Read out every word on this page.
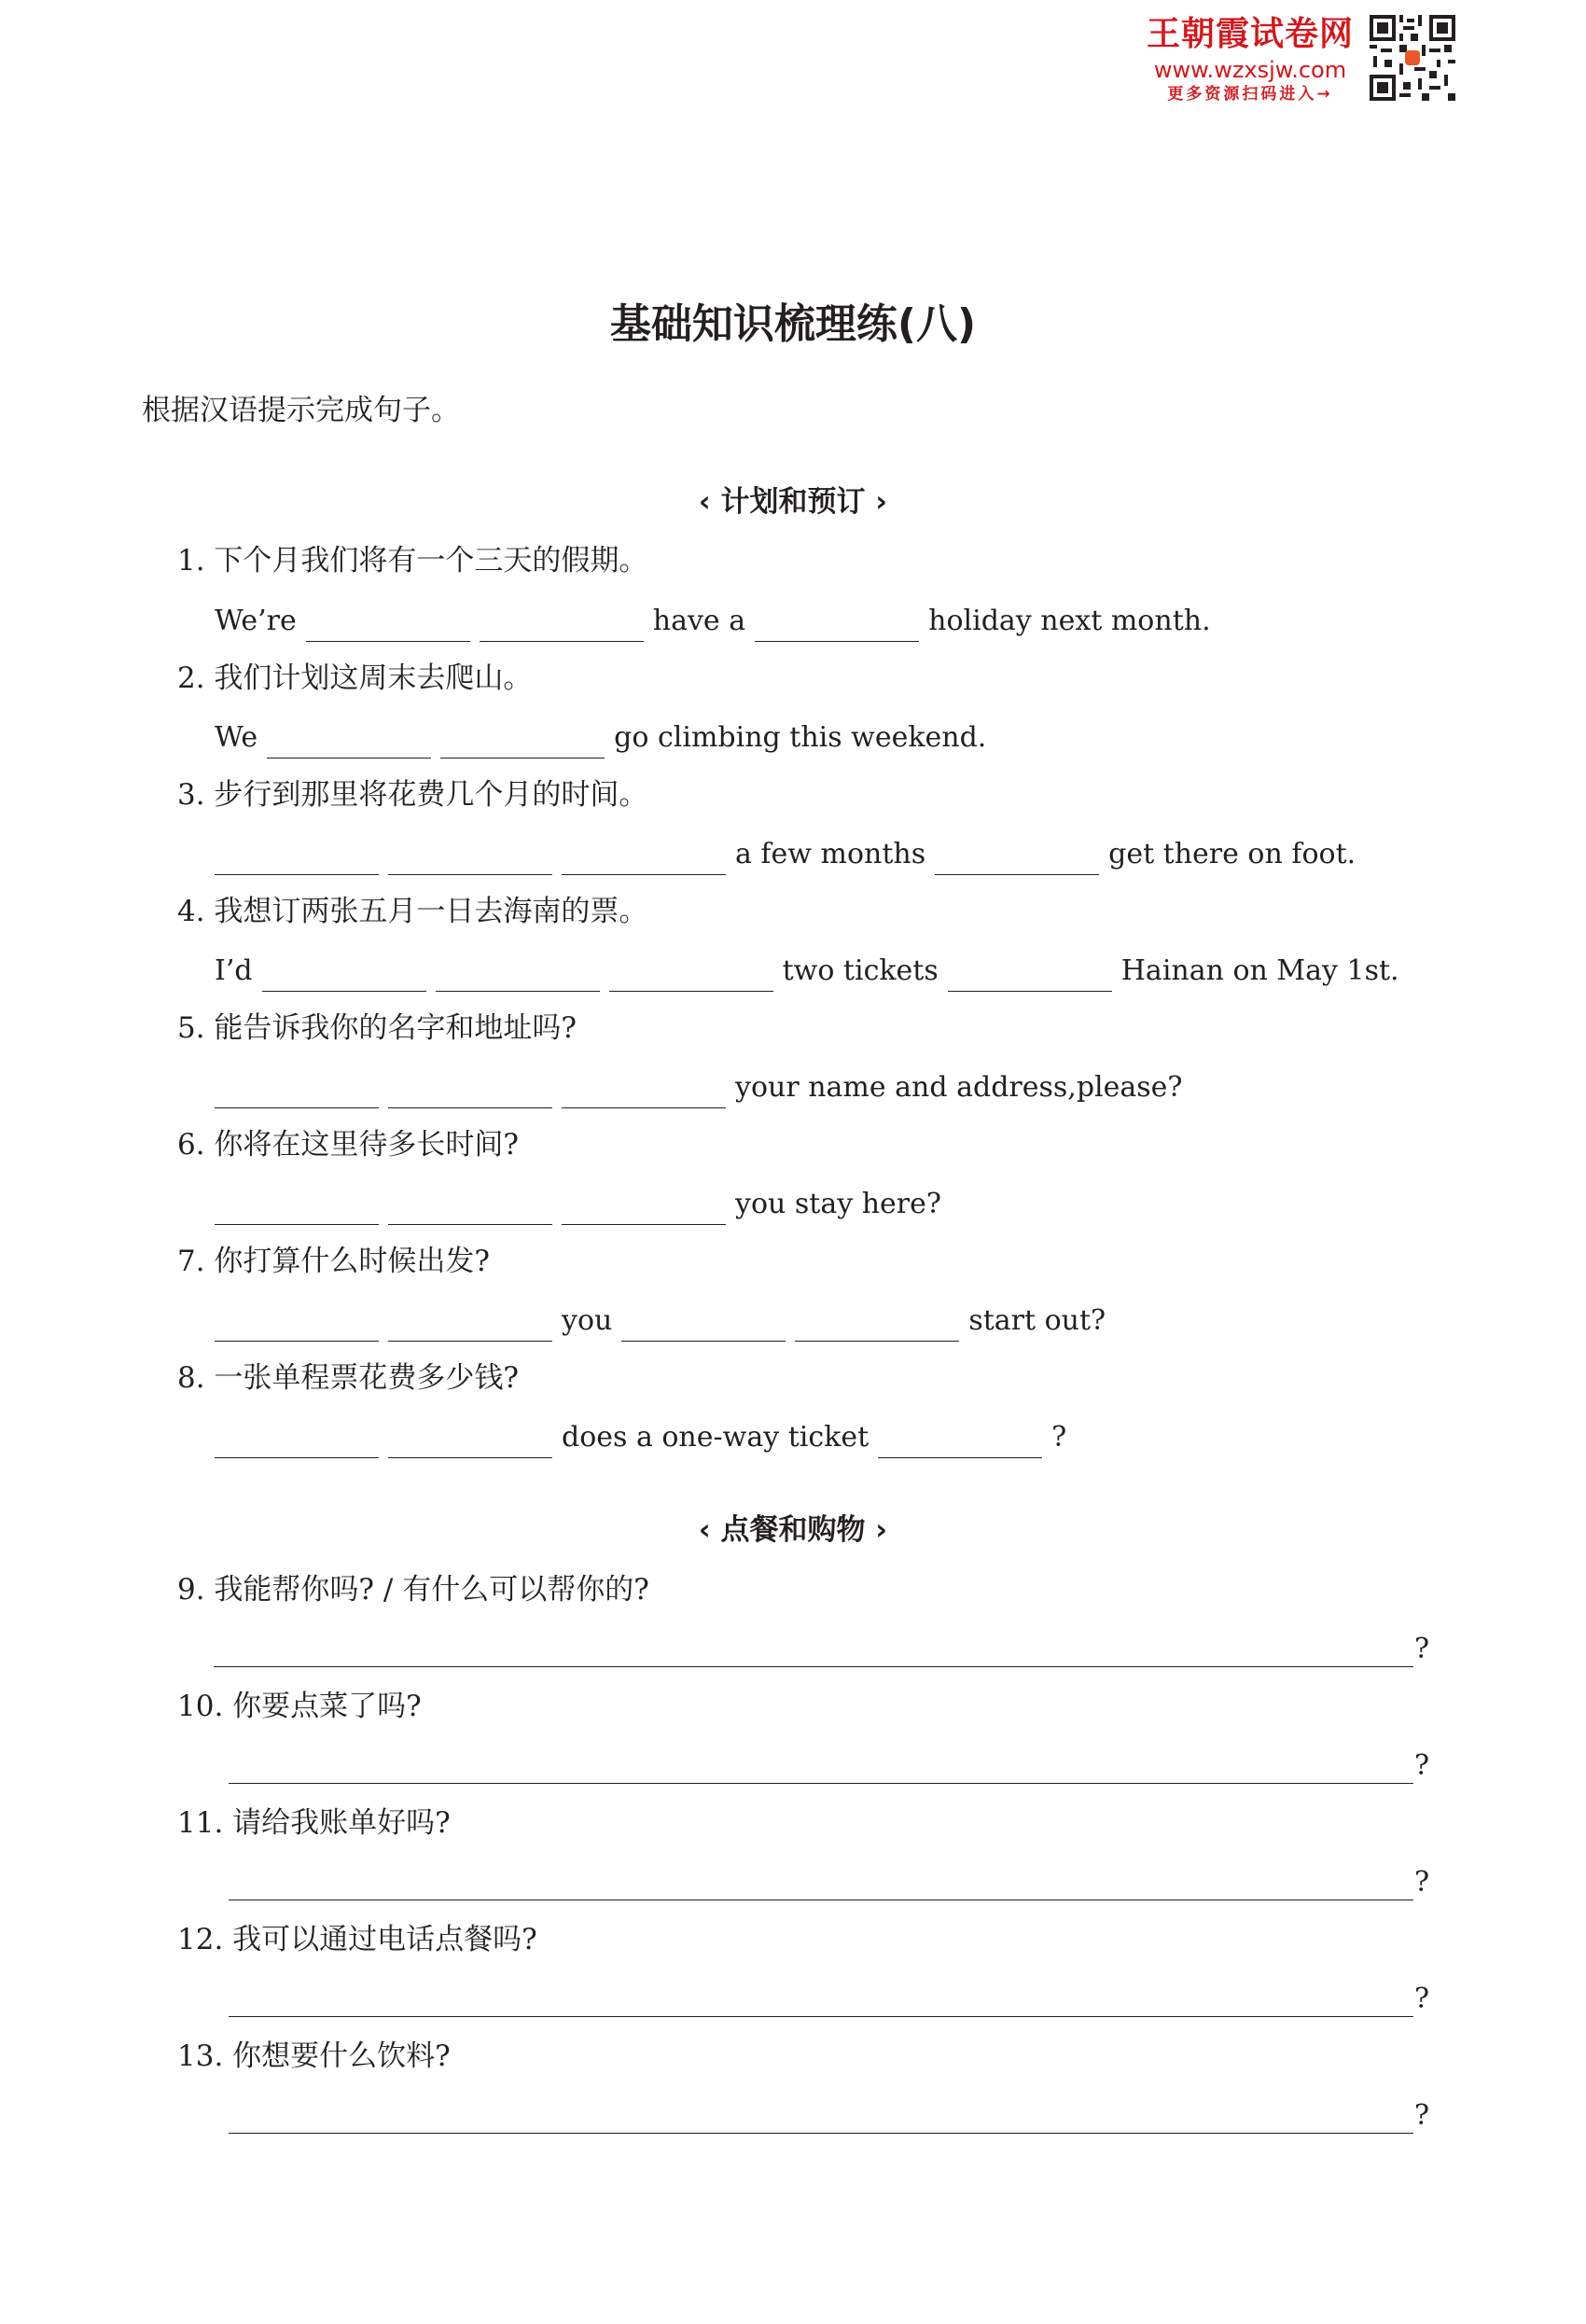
王朝霞试卷网
www.wzxsjw.com
更多资源扫码进入→
基础知识梳理练(八)
根据汉语提示完成句子。
‹ 计划和预订 ›
1. 下个月我们将有一个三天的假期。
We’re	have a	holiday next month.
2. 我们计划这周末去爬山。
We	go climbing this weekend.
3. 步行到那里将花费几个月的时间。
a few months	get there on foot.
4. 我想订两张五月一日去海南的票。
I’d	two tickets	Hainan on May 1st.
5. 能告诉我你的名字和地址吗?
your name and address,please?
6. 你将在这里待多长时间?
you stay here?
7. 你打算什么时候出发?
you	start out?
8. 一张单程票花费多少钱?
does a one-way ticket	?
‹ 点餐和购物 ›
9. 我能帮你吗? / 有什么可以帮你的?
?
10. 你要点菜了吗?
?
11. 请给我账单好吗?
?
12. 我可以通过电话点餐吗?
?
13. 你想要什么饮料?
?
